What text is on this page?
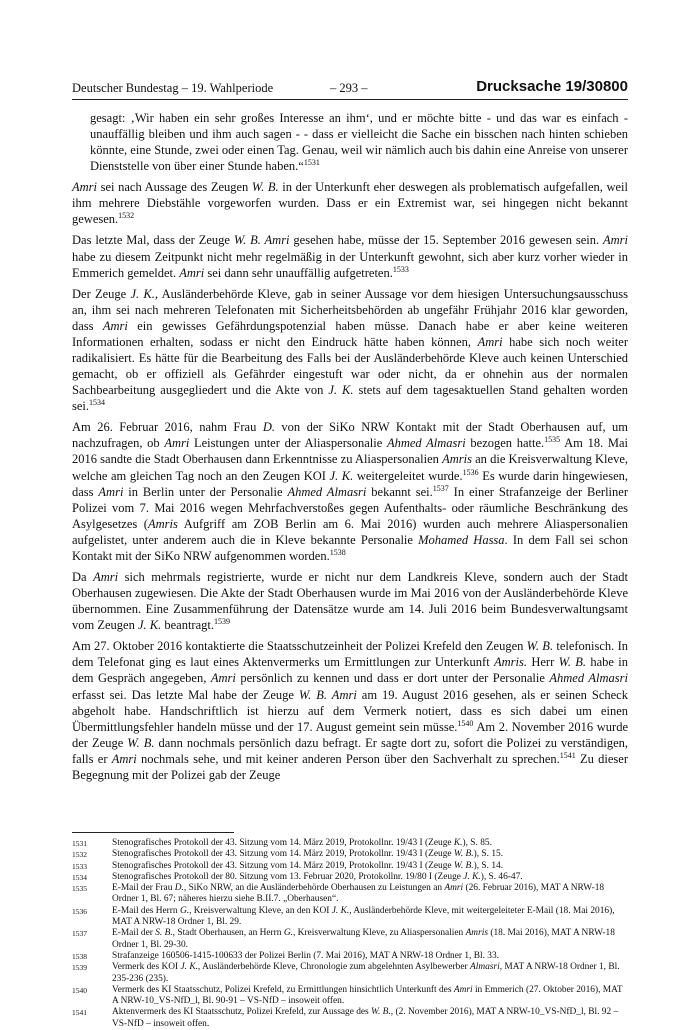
Deutscher Bundestag – 19. Wahlperiode	– 293 –	Drucksache 19/30800

gesagt: ‚Wir haben ein sehr großes Interesse an ihm‘, und er möchte bitte - und das war es einfach - unauffällig bleiben und ihm auch sagen - - dass er vielleicht die Sache ein bisschen nach hinten schieben könnte, eine Stunde, zwei oder einen Tag. Genau, weil wir nämlich auch bis dahin eine Anreise von unserer Dienststelle von über einer Stunde haben.“$^{1531}$

Amri sei nach Aussage des Zeugen W. B. in der Unterkunft eher deswegen als problematisch aufgefallen, weil ihm mehrere Diebstähle vorgeworfen wurden. Dass er ein Extremist war, sei hingegen nicht bekannt gewesen.$^{1532}$

Das letzte Mal, dass der Zeuge W. B. Amri gesehen habe, müsse der 15. September 2016 gewesen sein. Amri habe zu diesem Zeitpunkt nicht mehr regelmäßig in der Unterkunft gewohnt, sich aber kurz vorher wieder in Emmerich gemeldet. Amri sei dann sehr unauffällig aufgetreten.$^{1533}$

Der Zeuge J. K., Ausländerbehörde Kleve, gab in seiner Aussage vor dem hiesigen Untersuchungsausschuss an, ihm sei nach mehreren Telefonaten mit Sicherheitsbehörden ab ungefähr Frühjahr 2016 klar geworden, dass Amri ein gewisses Gefährdungspotenzial haben müsse. Danach habe er aber keine weiteren Informationen erhalten, sodass er nicht den Eindruck hätte haben können, Amri habe sich noch weiter radikalisiert. Es hätte für die Bearbeitung des Falls bei der Ausländerbehörde Kleve auch keinen Unterschied gemacht, ob er offiziell als Gefährder eingestuft war oder nicht, da er ohnehin aus der normalen Sachbearbeitung ausgegliedert und die Akte von J. K. stets auf dem tagesaktuellen Stand gehalten worden sei.$^{1534}$

Am 26. Februar 2016, nahm Frau D. von der SiKo NRW Kontakt mit der Stadt Oberhausen auf, um nachzufragen, ob Amri Leistungen unter der Aliaspersonalie Ahmed Almasri bezogen hatte.$^{1535}$ Am 18. Mai 2016 sandte die Stadt Oberhausen dann Erkenntnisse zu Aliaspersonalien Amris an die Kreisverwaltung Kleve, welche am gleichen Tag noch an den Zeugen KOI J. K. weitergeleitet wurde.$^{1536}$ Es wurde darin hingewiesen, dass Amri in Berlin unter der Personalie Ahmed Almasri bekannt sei.$^{1537}$ In einer Strafanzeige der Berliner Polizei vom 7. Mai 2016 wegen Mehrfachverstoßes gegen Aufenthalts- oder räumliche Beschränkung des Asylgesetzes (Amris Aufgriff am ZOB Berlin am 6. Mai 2016) wurden auch mehrere Aliaspersonalien aufgelistet, unter anderem auch die in Kleve bekannte Personalie Mohamed Hassa. In dem Fall sei schon Kontakt mit der SiKo NRW aufgenommen worden.$^{1538}$

Da Amri sich mehrmals registrierte, wurde er nicht nur dem Landkreis Kleve, sondern auch der Stadt Oberhausen zugewiesen. Die Akte der Stadt Oberhausen wurde im Mai 2016 von der Ausländerbehörde Kleve übernommen. Eine Zusammenführung der Datensätze wurde am 14. Juli 2016 beim Bundesverwaltungsamt vom Zeugen J. K. beantragt.$^{1539}$

Am 27. Oktober 2016 kontaktierte die Staatsschutzeinheit der Polizei Krefeld den Zeugen W. B. telefonisch. In dem Telefonat ging es laut eines Aktenvermerks um Ermittlungen zur Unterkunft Amris. Herr W. B. habe in dem Gespräch angegeben, Amri persönlich zu kennen und dass er dort unter der Personalie Ahmed Almasri erfasst sei. Das letzte Mal habe der Zeuge W. B. Amri am 19. August 2016 gesehen, als er seinen Scheck abgeholt habe. Handschriftlich ist hierzu auf dem Vermerk notiert, dass es sich dabei um einen Übermittlungsfehler handeln müsse und der 17. August gemeint sein müsse.$^{1540}$ Am 2. November 2016 wurde der Zeuge W. B. dann nochmals persönlich dazu befragt. Er sagte dort zu, sofort die Polizei zu verständigen, falls er Amri nochmals sehe, und mit keiner anderen Person über den Sachverhalt zu sprechen.$^{1541}$ Zu dieser Begegnung mit der Polizei gab der Zeuge

1531	Stenografisches Protokoll der 43. Sitzung vom 14. März 2019, Protokollnr. 19/43 I (Zeuge K.), S. 85.
1532	Stenografisches Protokoll der 43. Sitzung vom 14. März 2019, Protokollnr. 19/43 I (Zeuge W. B.), S. 15.
1533	Stenografisches Protokoll der 43. Sitzung vom 14. März 2019, Protokollnr. 19/43 I (Zeuge W. B.), S. 14.
1534	Stenografisches Protokoll der 80. Sitzung vom 13. Februar 2020, Protokollnr. 19/80 I (Zeuge J. K.), S. 46-47.
1535	E-Mail der Frau D., SiKo NRW, an die Ausländerbehörde Oberhausen zu Leistungen an Amri (26. Februar 2016), MAT A NRW-18 Ordner 1, Bl. 67; näheres hierzu siehe B.II.7. „Oberhausen“.
1536	E-Mail des Herrn G., Kreisverwaltung Kleve, an den KOI J. K., Ausländerbehörde Kleve, mit weitergeleiteter E-Mail (18. Mai 2016), MAT A NRW-18 Ordner 1, Bl. 29.
1537	E-Mail der S. B., Stadt Oberhausen, an Herrn G., Kreisverwaltung Kleve, zu Aliaspersonalien Amris (18. Mai 2016), MAT A NRW-18 Ordner 1, Bl. 29-30.
1538	Strafanzeige 160506-1415-100633 der Polizei Berlin (7. Mai 2016), MAT A NRW-18 Ordner 1, Bl. 33.
1539	Vermerk des KOI J. K., Ausländerbehörde Kleve, Chronologie zum abgelehnten Asylbewerber Almasri, MAT A NRW-18 Ordner 1, Bl. 235-236 (235).
1540	Vermerk des KI Staatsschutz, Polizei Krefeld, zu Ermittlungen hinsichtlich Unterkunft des Amri in Emmerich (27. Oktober 2016), MAT A NRW-10_VS-NfD_l, Bl. 90-91 – VS-NfD – insoweit offen.
1541	Aktenvermerk des KI Staatsschutz, Polizei Krefeld, zur Aussage des W. B., (2. November 2016), MAT A NRW-10_VS-NfD_l, Bl. 92 – VS-NfD – insoweit offen.
